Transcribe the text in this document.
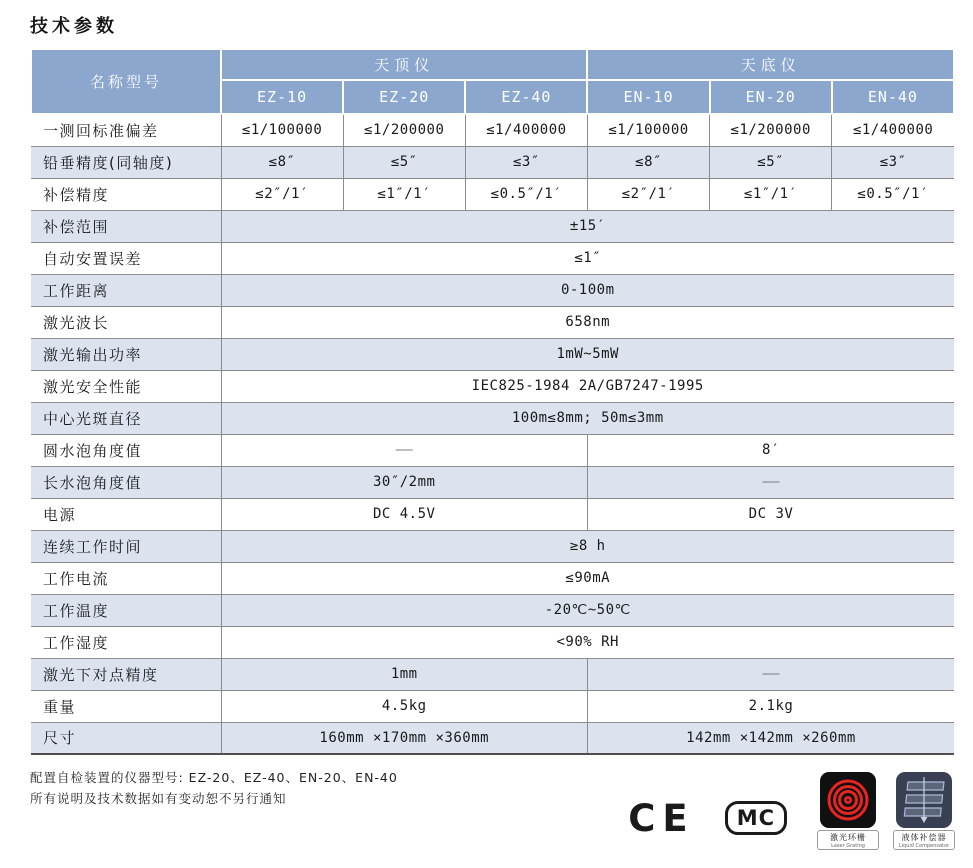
技术参数
名称型号	天顶仪			天底仪		
	EZ-10	EZ-20	EZ-40	EN-10	EN-20	EN-40
一测回标准偏差	≤1/100000	≤1/200000	≤1/400000	≤1/100000	≤1/200000	≤1/400000
铅垂精度(同轴度)	≤8″	≤5″	≤3″	≤8″	≤5″	≤3″
补偿精度	≤2″/1′	≤1″/1′	≤0.5″/1′	≤2″/1′	≤1″/1′	≤0.5″/1′
补偿范围	±15′					
自动安置误差	≤1″					
工作距离	0-100m					
激光波长	658nm					
激光输出功率	1mW~5mW					
激光安全性能	IEC825-1984 2A/GB7247-1995					
中心光斑直径	100m≤8mm; 50m≤3mm					
圆水泡角度值	——			8′		
长水泡角度值	30″/2mm			——		
电源	DC 4.5V			DC 3V		
连续工作时间	≥8 h					
工作电流	≤90mA					
工作温度	-20℃~50℃					
工作湿度	<90% RH					
激光下对点精度	1mm			——		
重量	4.5kg			2.1kg		
尺寸	160mm ×170mm ×360mm			142mm ×142mm ×260mm		
配置自检装置的仪器型号: EZ-20、EZ-40、EN-20、EN-40
所有说明及技术数据如有变动恕不另行通知	CE	MC
激光环栅
Laser Grating
液体补偿器
Liquid Compensator
